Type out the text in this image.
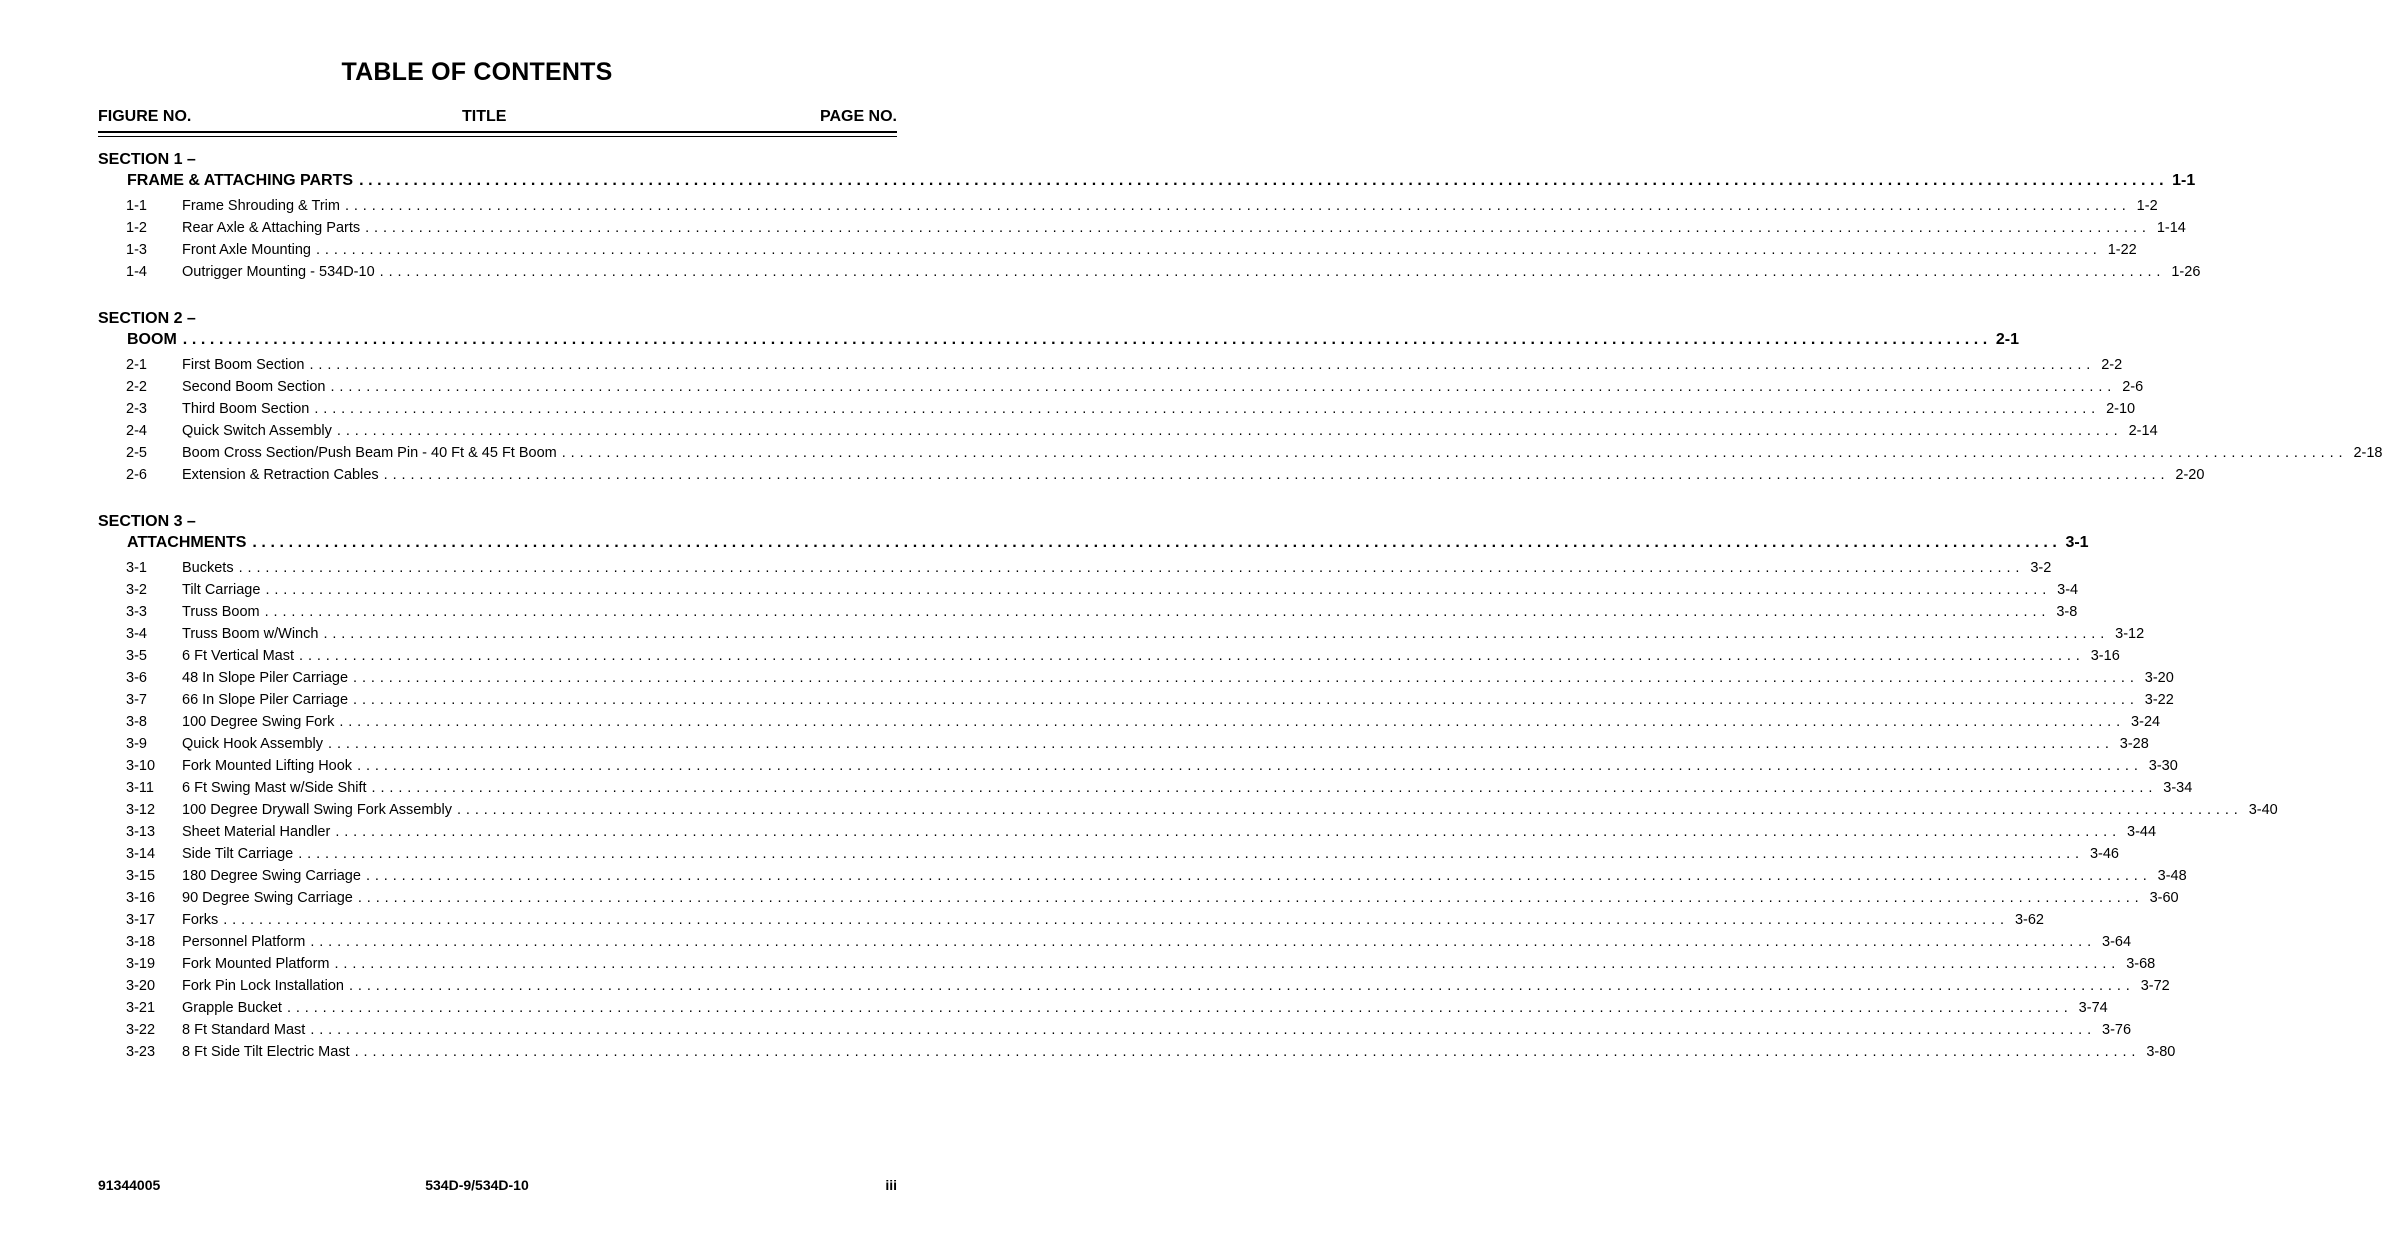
TABLE OF CONTENTS
FIGURE NO.	TITLE	PAGE NO.
SECTION 1 –
FRAME & ATTACHING PARTS ........................................................................................................................................................................................................ 1-1
1-1 Frame Shrouding & Trim ........................................................................................................................................................................................................ 1-2
1-2 Rear Axle & Attaching Parts ........................................................................................................................................................................................................ 1-14
1-3 Front Axle Mounting ........................................................................................................................................................................................................ 1-22
1-4 Outrigger Mounting - 534D-10 ........................................................................................................................................................................................................ 1-26
SECTION 2 –
BOOM ........................................................................................................................................................................................................ 2-1
2-1 First Boom Section ........................................................................................................................................................................................................ 2-2
2-2 Second Boom Section ........................................................................................................................................................................................................ 2-6
2-3 Third Boom Section ........................................................................................................................................................................................................ 2-10
2-4 Quick Switch Assembly ........................................................................................................................................................................................................ 2-14
2-5 Boom Cross Section/Push Beam Pin - 40 Ft & 45 Ft Boom ........................................................................................................................................................................................................ 2-18
2-6 Extension & Retraction Cables ........................................................................................................................................................................................................ 2-20
SECTION 3 –
ATTACHMENTS ........................................................................................................................................................................................................ 3-1
3-1 Buckets ........................................................................................................................................................................................................ 3-2
3-2 Tilt Carriage ........................................................................................................................................................................................................ 3-4
3-3 Truss Boom ........................................................................................................................................................................................................ 3-8
3-4 Truss Boom w/Winch ........................................................................................................................................................................................................ 3-12
3-5 6 Ft Vertical Mast ........................................................................................................................................................................................................ 3-16
3-6 48 In Slope Piler Carriage ........................................................................................................................................................................................................ 3-20
3-7 66 In Slope Piler Carriage ........................................................................................................................................................................................................ 3-22
3-8 100 Degree Swing Fork ........................................................................................................................................................................................................ 3-24
3-9 Quick Hook Assembly ........................................................................................................................................................................................................ 3-28
3-10 Fork Mounted Lifting Hook ........................................................................................................................................................................................................ 3-30
3-11 6 Ft Swing Mast w/Side Shift ........................................................................................................................................................................................................ 3-34
3-12 100 Degree Drywall Swing Fork Assembly ........................................................................................................................................................................................................ 3-40
3-13 Sheet Material Handler ........................................................................................................................................................................................................ 3-44
3-14 Side Tilt Carriage ........................................................................................................................................................................................................ 3-46
3-15 180 Degree Swing Carriage ........................................................................................................................................................................................................ 3-48
3-16 90 Degree Swing Carriage ........................................................................................................................................................................................................ 3-60
3-17 Forks ........................................................................................................................................................................................................ 3-62
3-18 Personnel Platform ........................................................................................................................................................................................................ 3-64
3-19 Fork Mounted Platform ........................................................................................................................................................................................................ 3-68
3-20 Fork Pin Lock Installation ........................................................................................................................................................................................................ 3-72
3-21 Grapple Bucket ........................................................................................................................................................................................................ 3-74
3-22 8 Ft Standard Mast ........................................................................................................................................................................................................ 3-76
3-23 8 Ft Side Tilt Electric Mast ........................................................................................................................................................................................................ 3-80
91344005	534D-9/534D-10	iii
